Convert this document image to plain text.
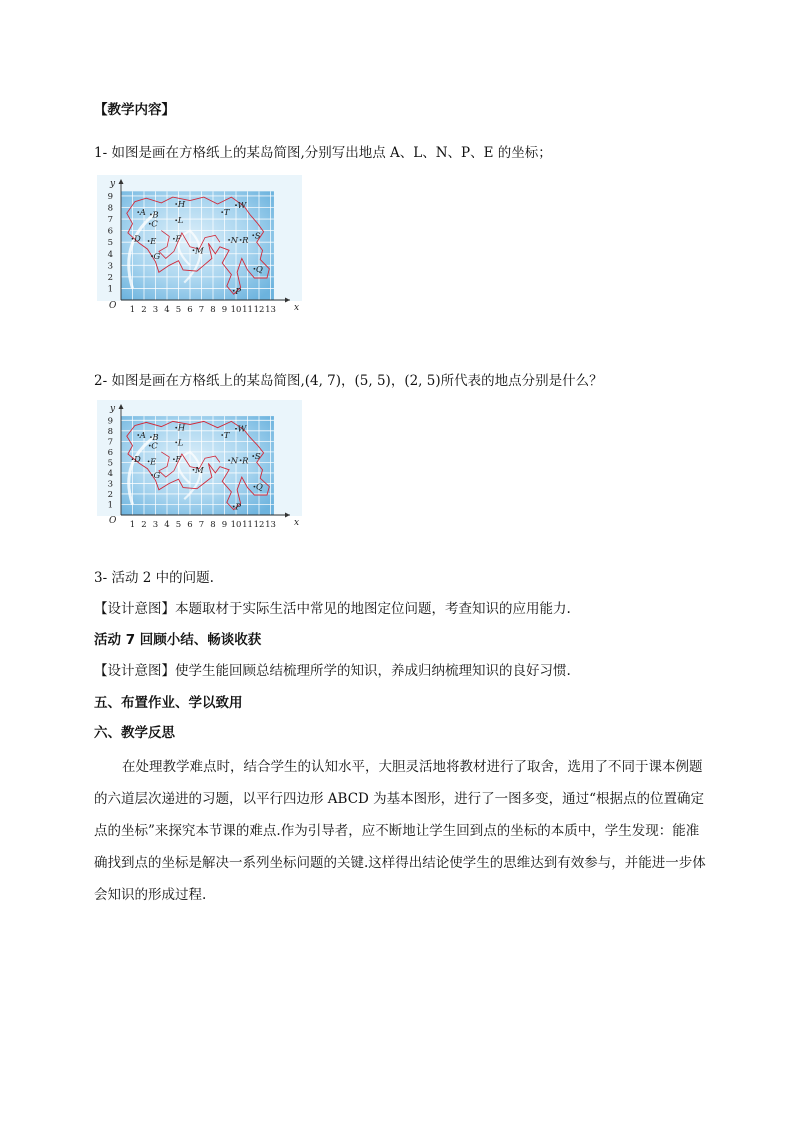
【教学内容】
1- 如图是画在方格纸上的某岛简图,分别写出地点 A、L、N、P、E 的坐标；
1 2 3 4 5 6 7 8 9 10 11 12 13
1
2
3
4
5
6
7
8
9
O	x
y
A B
C
H
L
T
W
D E F	N R S
M
G
Q
P
2- 如图是画在方格纸上的某岛简图,(4, 7)，(5, 5)，(2, 5)所代表的地点分别是什么？
1 2 3 4 5 6 7 8 9 10 11 12 13
1
2
3
4
5
6
7
8
9
O	x
y
A B
C
H
L
T
W
D E F	N R S
M
G
Q
P
3- 活动 2 中的问题.
【设计意图】本题取材于实际生活中常见的地图定位问题，考查知识的应用能力.
活动 7 回顾小结、畅谈收获
【设计意图】使学生能回顾总结梳理所学的知识，养成归纳梳理知识的良好习惯.
五、布置作业、学以致用
六、教学反思
在处理教学难点时，结合学生的认知水平，大胆灵活地将教材进行了取舍，选用了不同于课本例题的六道层次递进的习题，以平行四边形 ABCD 为基本图形，进行了一图多变，通过“根据点的位置确定点的坐标”来探究本节课的难点.作为引导者，应不断地让学生回到点的坐标的本质中，学生发现：能准确找到点的坐标是解决一系列坐标问题的关键.这样得出结论使学生的思维达到有效参与，并能进一步体会知识的形成过程.
